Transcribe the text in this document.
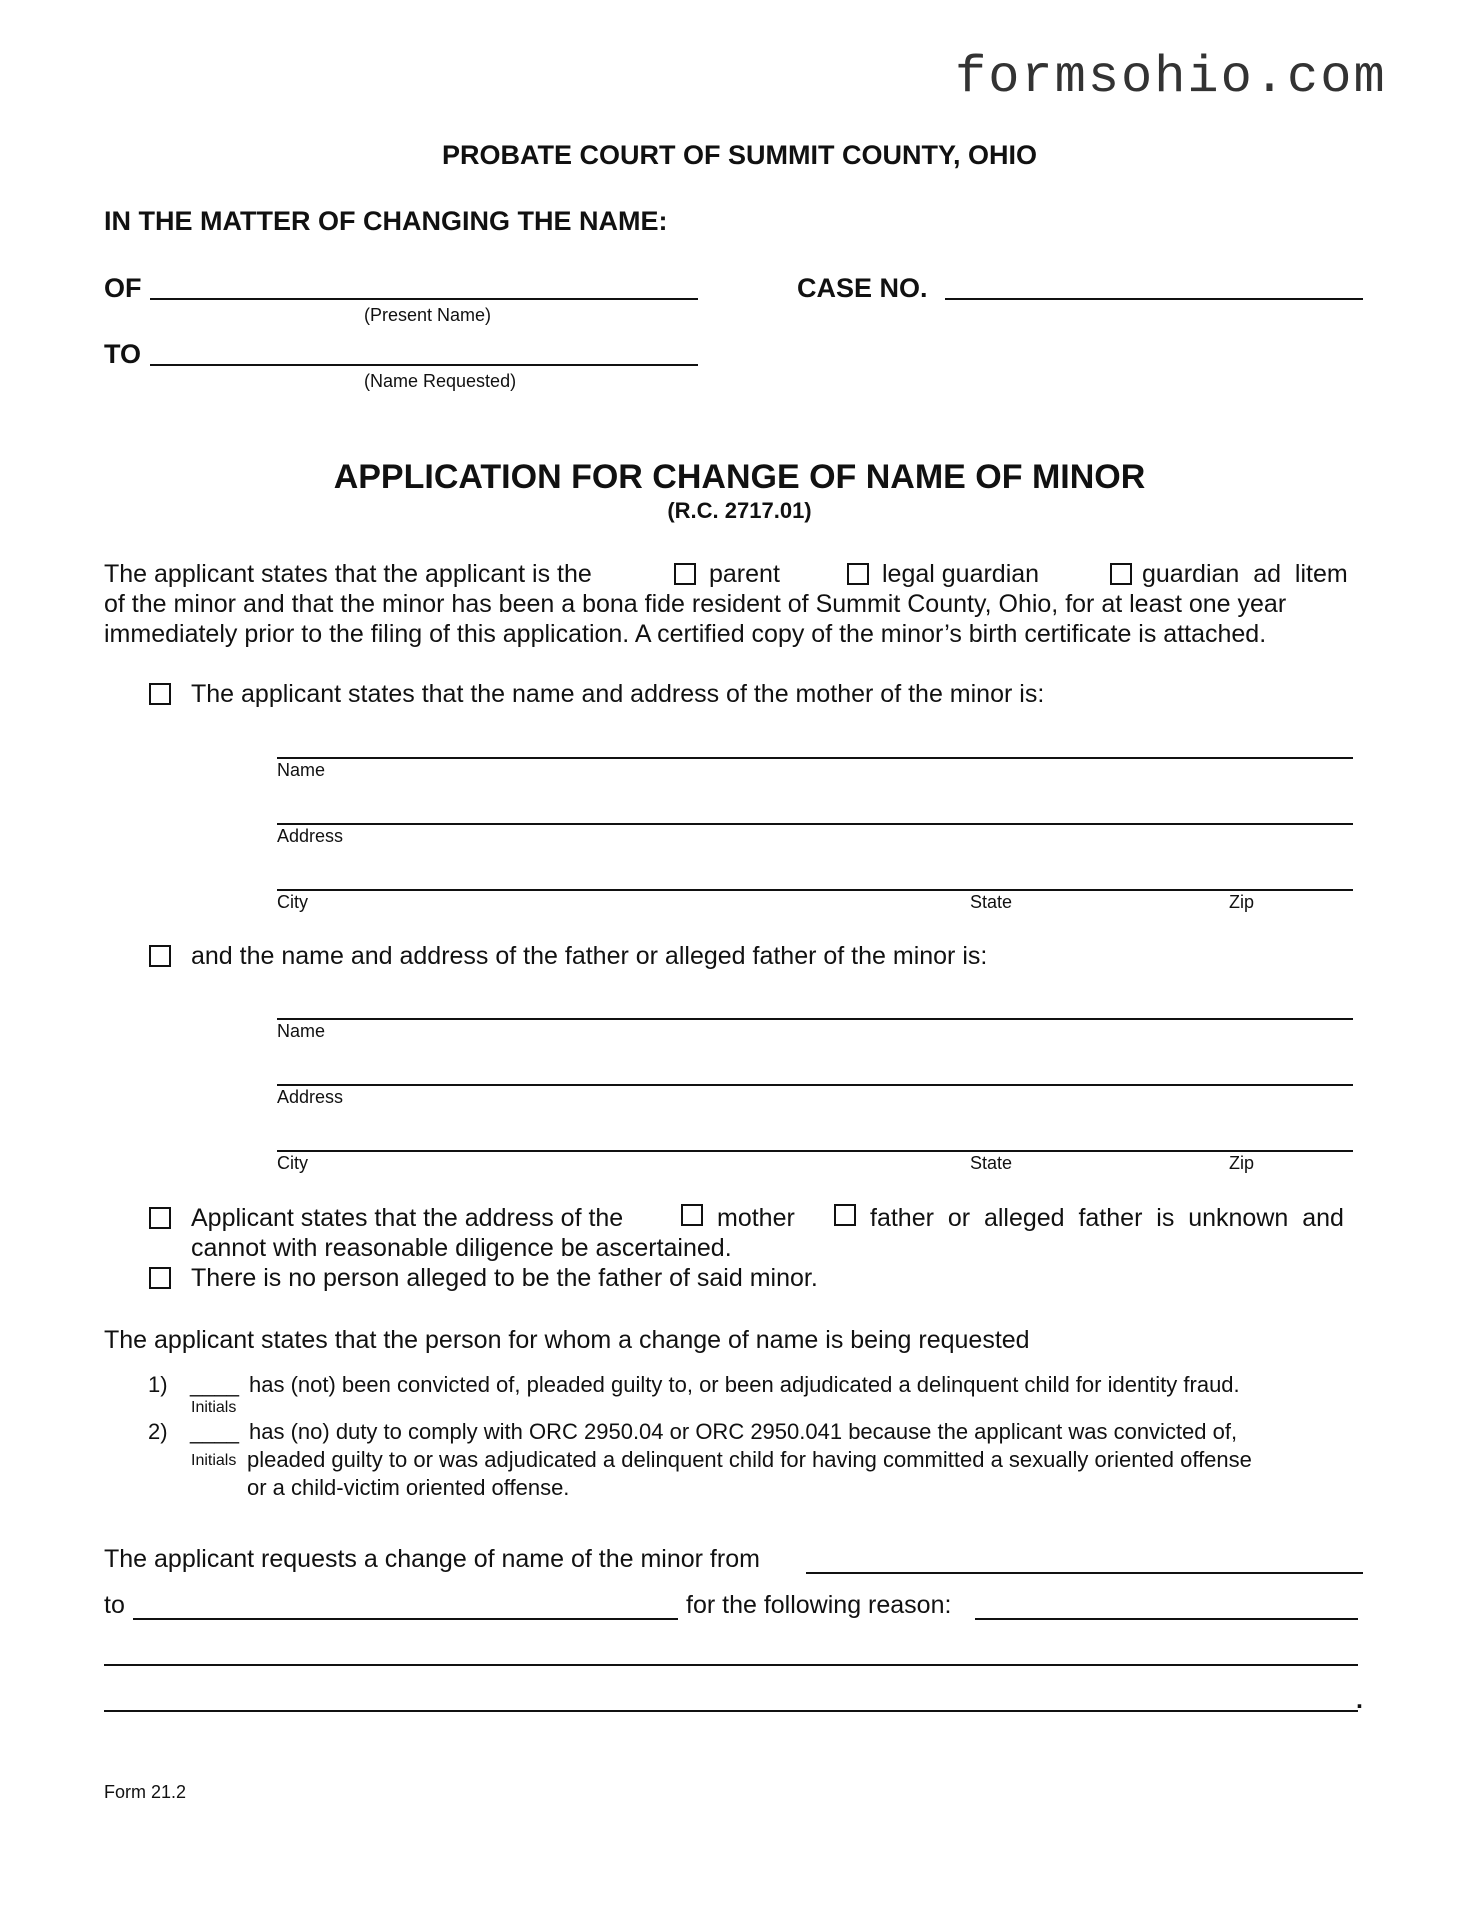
formsohio.com
PROBATE COURT OF SUMMIT COUNTY, OHIO
IN THE MATTER OF CHANGING THE NAME:
OF
(Present Name)
CASE NO.
TO
(Name Requested)
APPLICATION FOR CHANGE OF NAME OF MINOR
(R.C. 2717.01)
The applicant states that the applicant is the	parent	legal guardian	guardian  ad  litem
of the minor and that the minor has been a bona fide resident of Summit County, Ohio, for at least one year
immediately prior to the filing of this application. A certified copy of the minor’s birth certificate is attached.
The applicant states that the name and address of the mother of the minor is:
Name
Address
City	State	Zip
and the name and address of the father or alleged father of the minor is:
Name
Address
City	State	Zip
Applicant states that the address of the	mother	father  or  alleged  father  is  unknown  and
cannot with reasonable diligence be ascertained.
There is no person alleged to be the father of said minor.
The applicant states that the person for whom a change of name is being requested
1) ____
Initials
has (not) been convicted of, pleaded guilty to, or been adjudicated a delinquent child for identity fraud.
2) ____
Initials
has (no) duty to comply with ORC 2950.04 or ORC 2950.041 because the applicant was convicted of,
pleaded guilty to or was adjudicated a delinquent child for having committed a sexually oriented offense
or a child-victim oriented offense.
The applicant requests a change of name of the minor from
to	for the following reason:
.
Form 21.2
